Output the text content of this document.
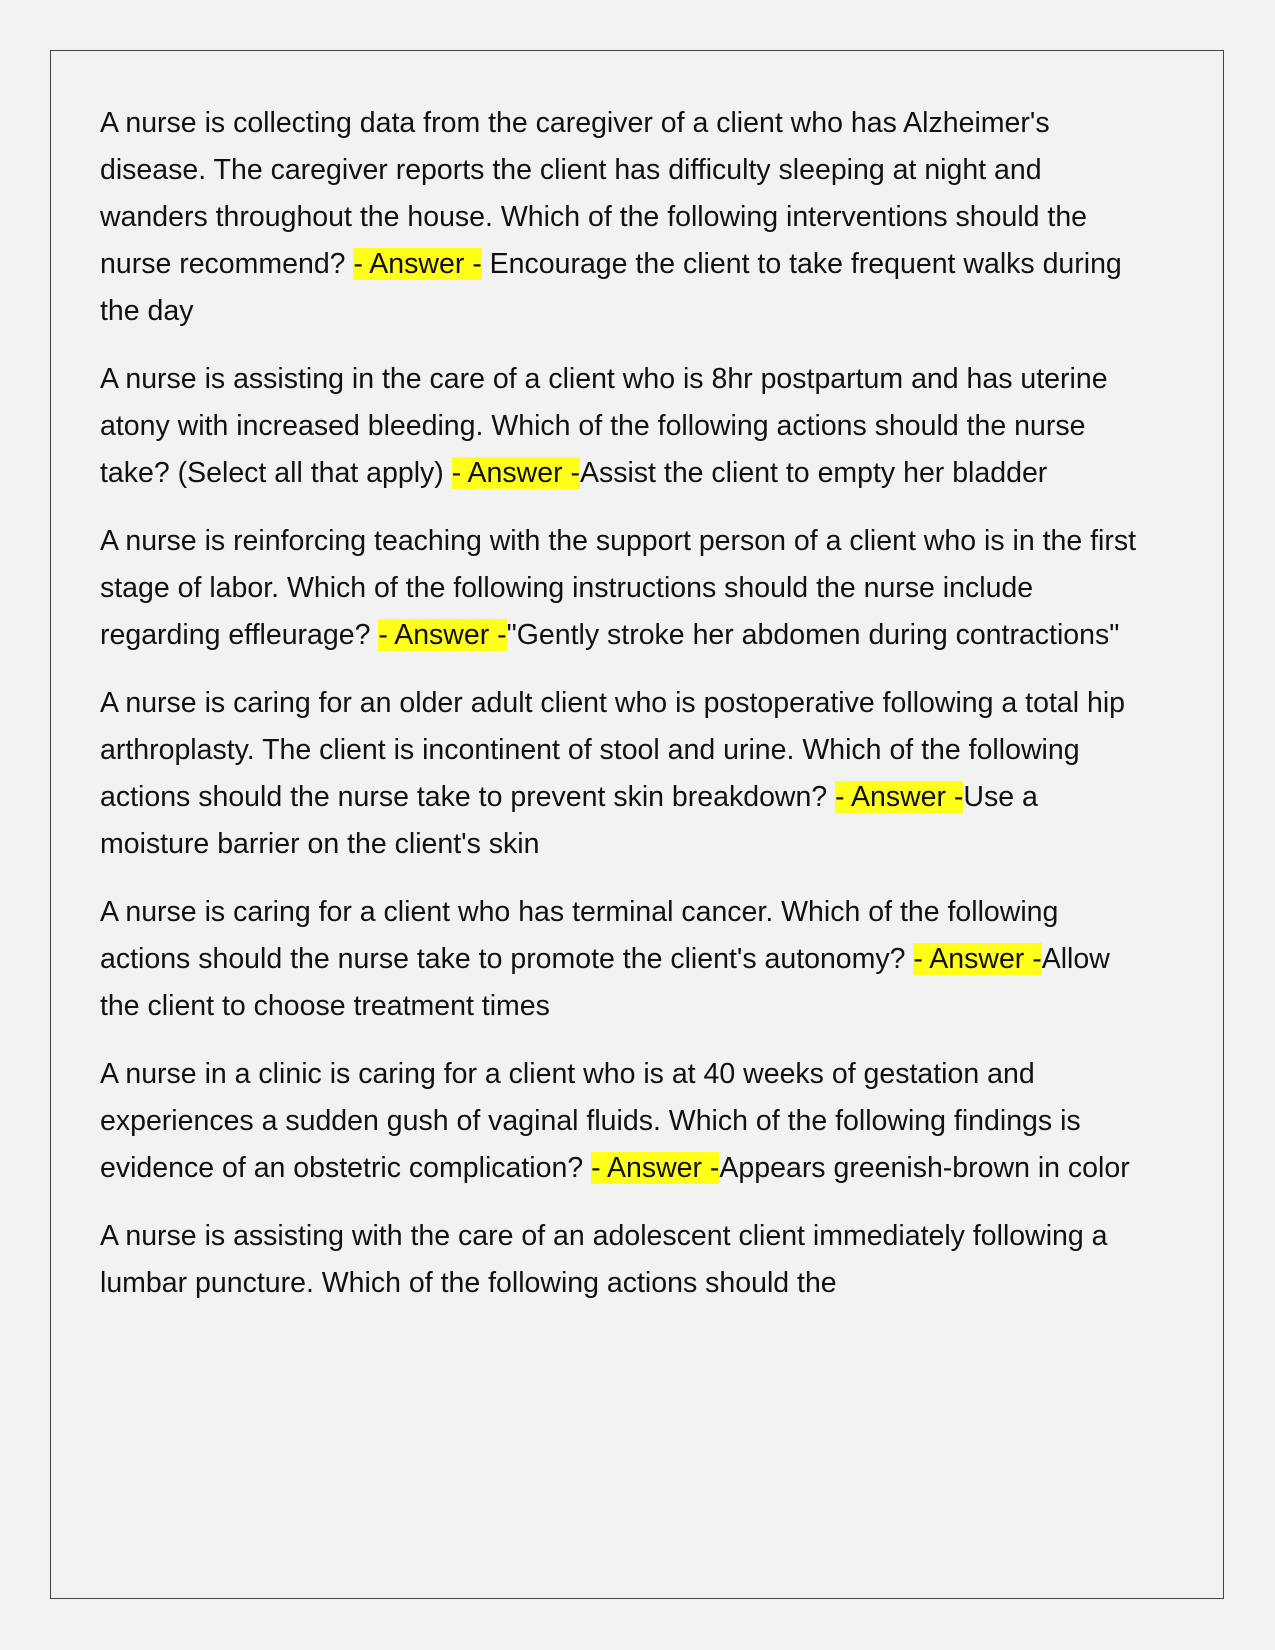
A nurse is collecting data from the caregiver of a client who has Alzheimer's disease. The caregiver reports the client has difficulty sleeping at night and wanders throughout the house. Which of the following interventions should the nurse recommend? - Answer - Encourage the client to take frequent walks during the day

A nurse is assisting in the care of a client who is 8hr postpartum and has uterine atony with increased bleeding. Which of the following actions should the nurse take? (Select all that apply) - Answer -Assist the client to empty her bladder

A nurse is reinforcing teaching with the support person of a client who is in the first stage of labor. Which of the following instructions should the nurse include regarding effleurage? - Answer -"Gently stroke her abdomen during contractions"

A nurse is caring for an older adult client who is postoperative following a total hip arthroplasty. The client is incontinent of stool and urine. Which of the following actions should the nurse take to prevent skin breakdown? - Answer -Use a moisture barrier on the client's skin

A nurse is caring for a client who has terminal cancer. Which of the following actions should the nurse take to promote the client's autonomy? - Answer -Allow the client to choose treatment times

A nurse in a clinic is caring for a client who is at 40 weeks of gestation and experiences a sudden gush of vaginal fluids. Which of the following findings is evidence of an obstetric complication? - Answer -Appears greenish-brown in color

A nurse is assisting with the care of an adolescent client immediately following a lumbar puncture. Which of the following actions should the
